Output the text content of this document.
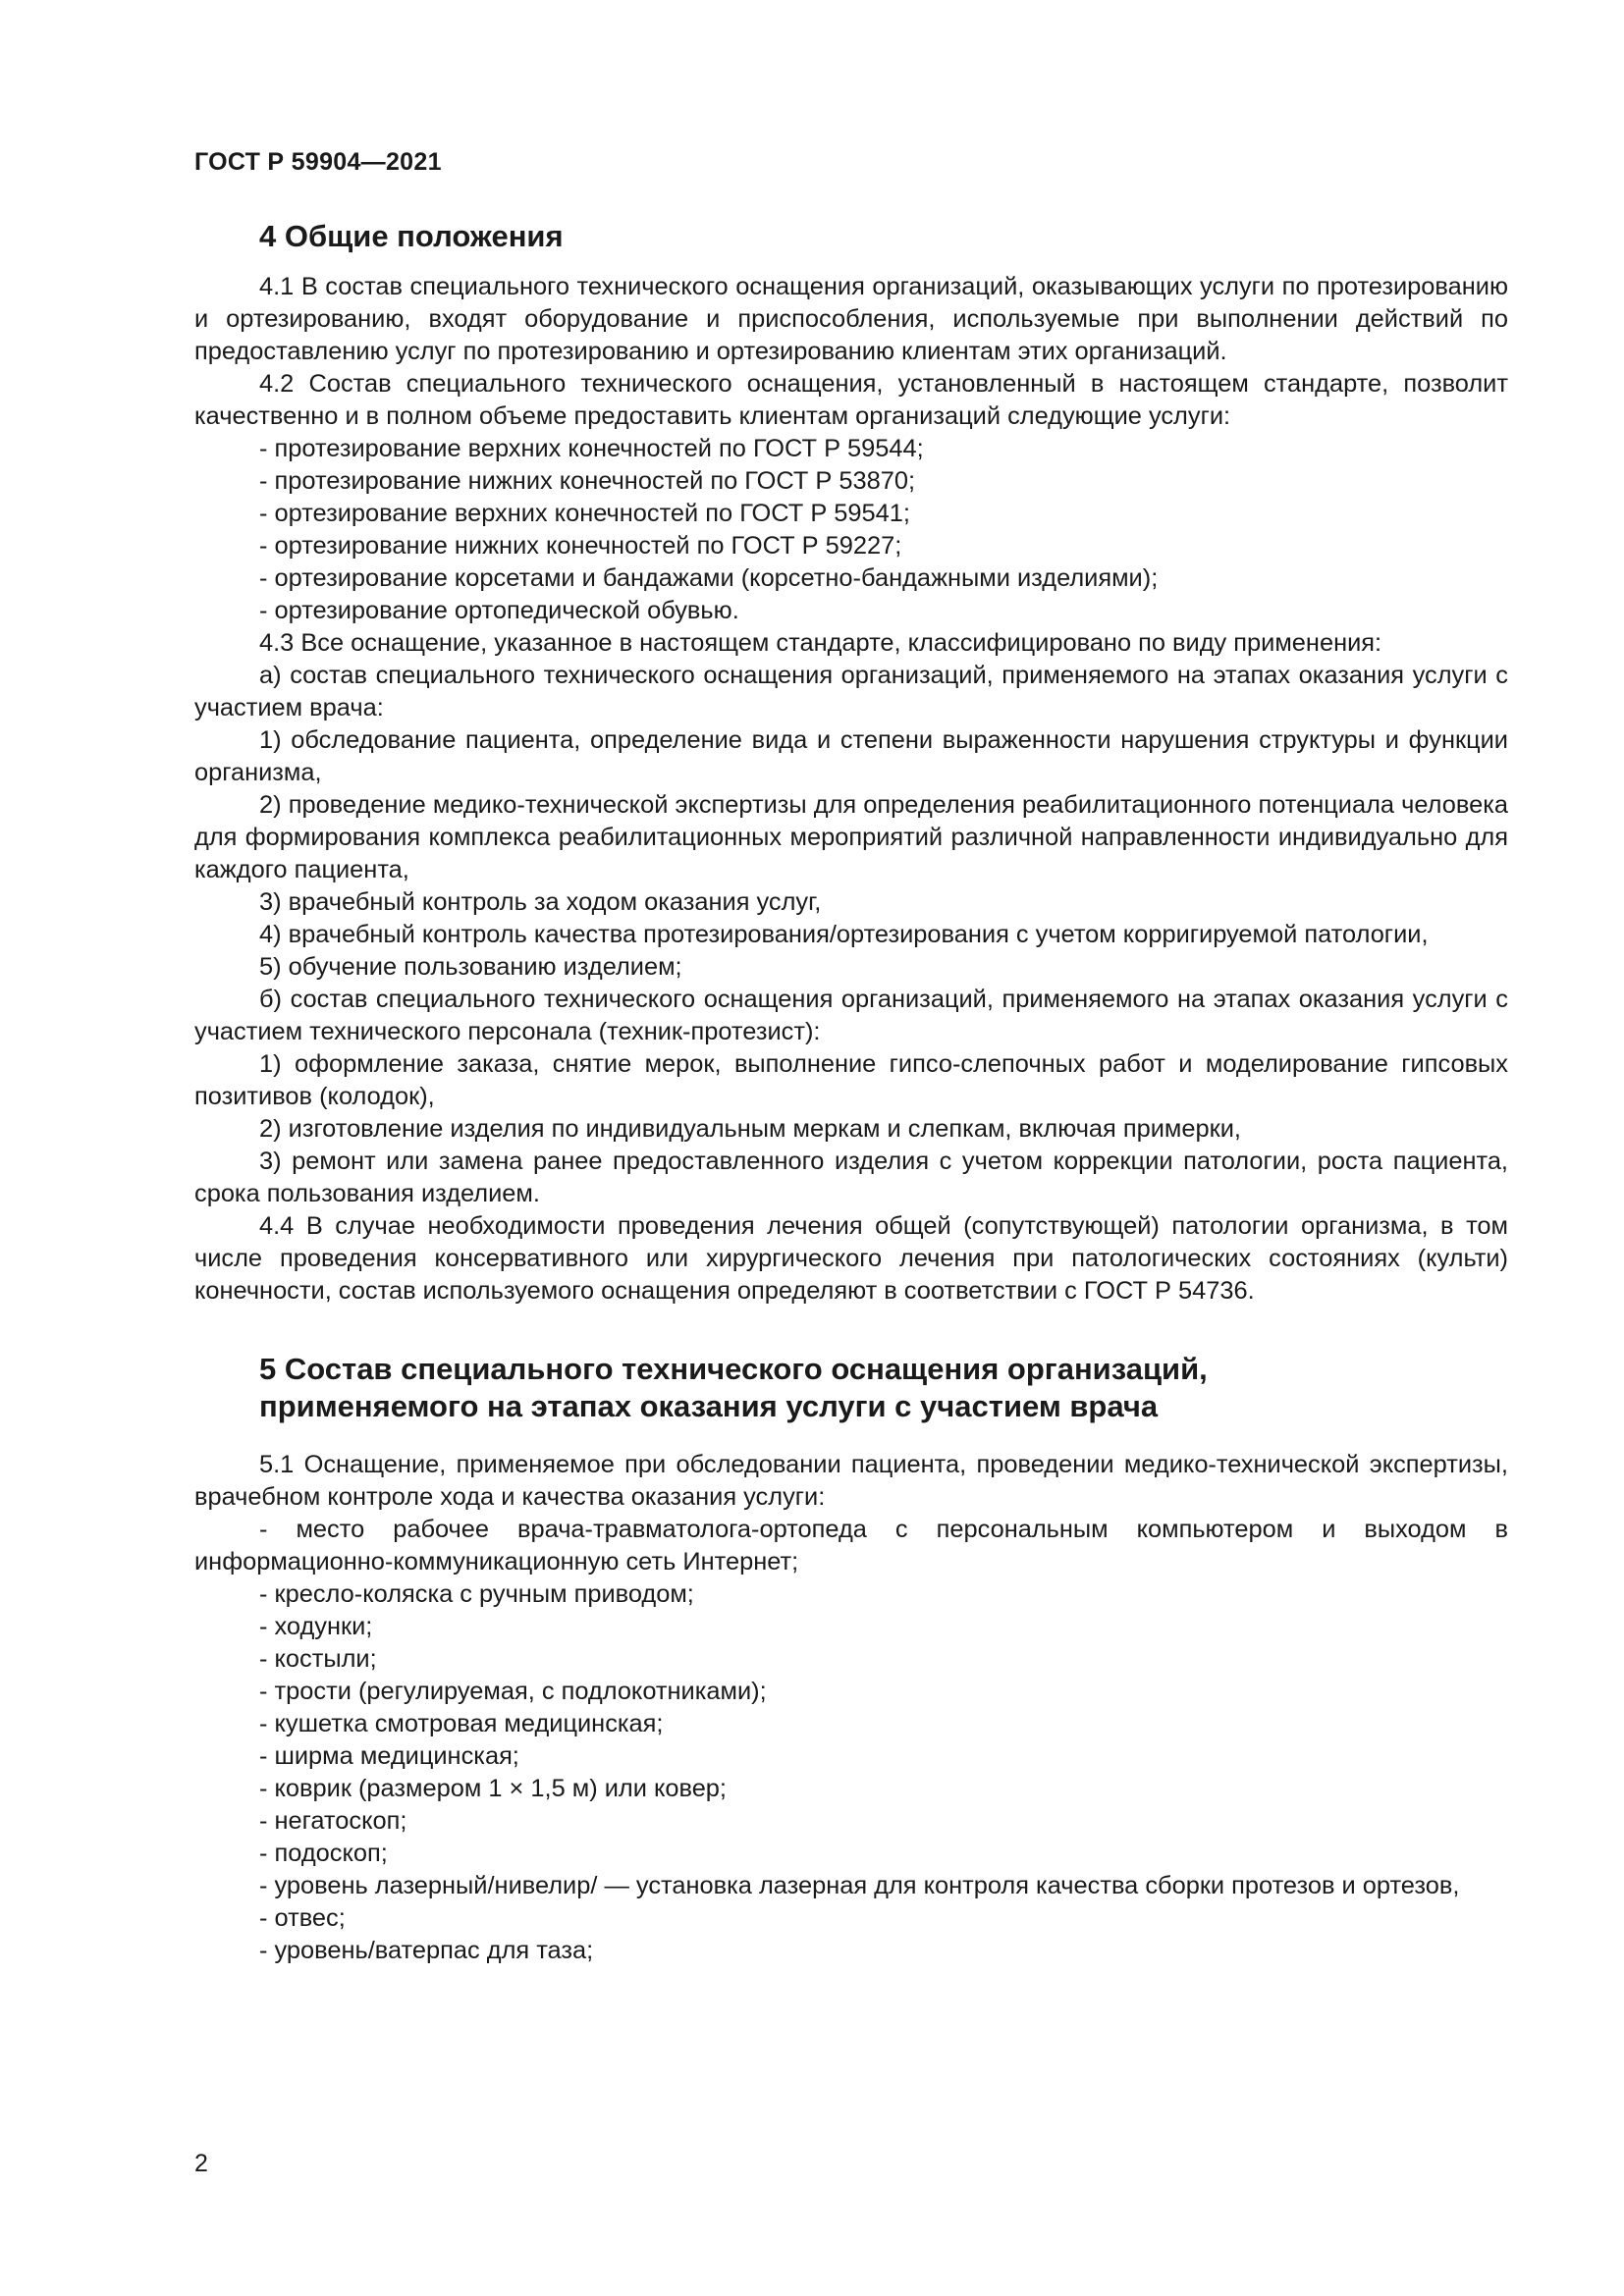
ГОСТ Р 59904—2021
4 Общие положения

4.1 В состав специального технического оснащения организаций, оказывающих услуги по протезированию и ортезированию, входят оборудование и приспособления, используемые при выполнении действий по предоставлению услуг по протезированию и ортезированию клиентам этих организаций.

4.2 Состав специального технического оснащения, установленный в настоящем стандарте, позволит качественно и в полном объеме предоставить клиентам организаций следующие услуги:

- протезирование верхних конечностей по ГОСТ Р 59544;

- протезирование нижних конечностей по ГОСТ Р 53870;

- ортезирование верхних конечностей по ГОСТ Р 59541;

- ортезирование нижних конечностей по ГОСТ Р 59227;

- ортезирование корсетами и бандажами (корсетно-бандажными изделиями);

- ортезирование ортопедической обувью.

4.3 Все оснащение, указанное в настоящем стандарте, классифицировано по виду применения:

а) состав специального технического оснащения организаций, применяемого на этапах оказания услуги с участием врача:

1) обследование пациента, определение вида и степени выраженности нарушения структуры и функции организма,

2) проведение медико-технической экспертизы для определения реабилитационного потенциала человека для формирования комплекса реабилитационных мероприятий различной направленности индивидуально для каждого пациента,

3) врачебный контроль за ходом оказания услуг,

4) врачебный контроль качества протезирования/ортезирования с учетом корригируемой патологии,

5) обучение пользованию изделием;

б) состав специального технического оснащения организаций, применяемого на этапах оказания услуги с участием технического персонала (техник-протезист):

1) оформление заказа, снятие мерок, выполнение гипсо-слепочных работ и моделирование гипсовых позитивов (колодок),

2) изготовление изделия по индивидуальным меркам и слепкам, включая примерки,

3) ремонт или замена ранее предоставленного изделия с учетом коррекции патологии, роста пациента, срока пользования изделием.

4.4 В случае необходимости проведения лечения общей (сопутствующей) патологии организма, в том числе проведения консервативного или хирургического лечения при патологических состояниях (культи) конечности, состав используемого оснащения определяют в соответствии с ГОСТ Р 54736.

5 Состав специального технического оснащения организаций,
применяемого на этапах оказания услуги с участием врача

5.1 Оснащение, применяемое при обследовании пациента, проведении медико-технической экспертизы, врачебном контроле хода и качества оказания услуги:

- место рабочее врача-травматолога-ортопеда с персональным компьютером и выходом в информационно-коммуникационную сеть Интернет;

- кресло-коляска с ручным приводом;

- ходунки;

- костыли;

- трости (регулируемая, с подлокотниками);

- кушетка смотровая медицинская;

- ширма медицинская;

- коврик (размером 1 × 1,5 м) или ковер;

- негатоскоп;

- подоскоп;

- уровень лазерный/нивелир/ — установка лазерная для контроля качества сборки протезов и ортезов,

- отвес;

- уровень/ватерпас для таза;

2
